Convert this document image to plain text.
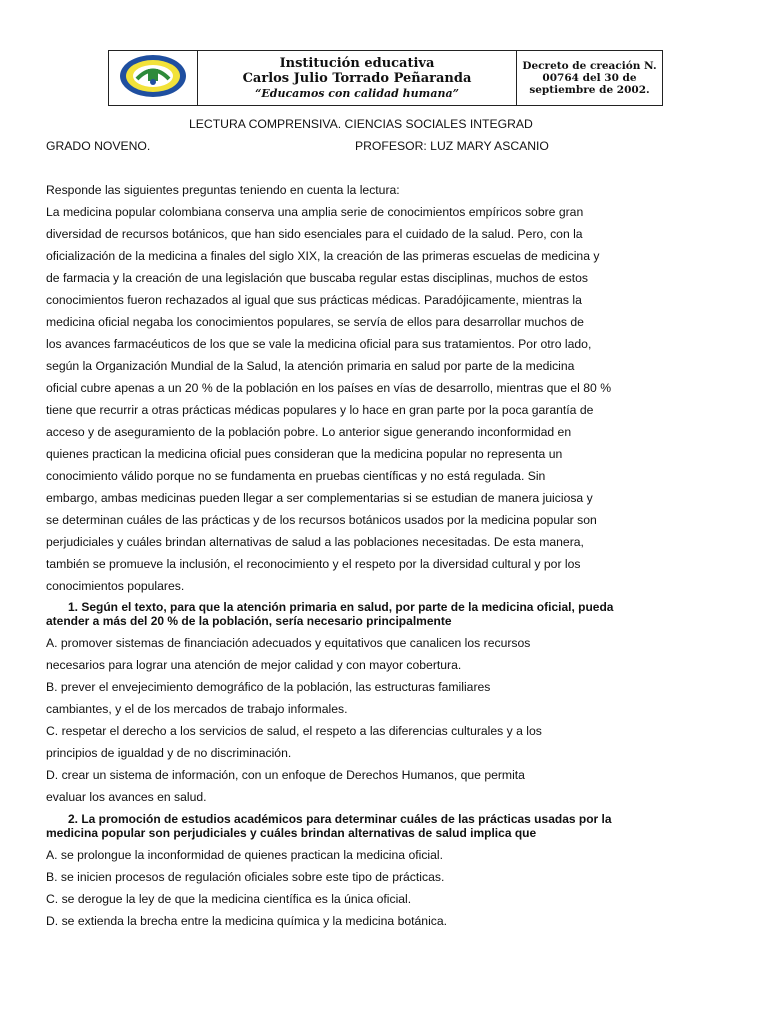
Institución educativa
Carlos Julio Torrado Peñaranda
“Educamos con calidad humana”

Decreto de creación N.
00764 del 30 de
septiembre de 2002.
LECTURA COMPRENSIVA. CIENCIAS SOCIALES INTEGRAD
GRADO NOVENO.	PROFESOR: LUZ MARY ASCANIO
Responde las siguientes preguntas teniendo en cuenta la lectura:
La medicina popular colombiana conserva una amplia serie de conocimientos empíricos sobre gran
diversidad de recursos botánicos, que han sido esenciales para el cuidado de la salud. Pero, con la
oficialización de la medicina a finales del siglo XIX, la creación de las primeras escuelas de medicina y
de farmacia y la creación de una legislación que buscaba regular estas disciplinas, muchos de estos
conocimientos fueron rechazados al igual que sus prácticas médicas. Paradójicamente, mientras la
medicina oficial negaba los conocimientos populares, se servía de ellos para desarrollar muchos de
los avances farmacéuticos de los que se vale la medicina oficial para sus tratamientos. Por otro lado,
según la Organización Mundial de la Salud, la atención primaria en salud por parte de la medicina
oficial cubre apenas a un 20 % de la población en los países en vías de desarrollo, mientras que el 80 %
tiene que recurrir a otras prácticas médicas populares y lo hace en gran parte por la poca garantía de
acceso y de aseguramiento de la población pobre. Lo anterior sigue generando inconformidad en
quienes practican la medicina oficial pues consideran que la medicina popular no representa un
conocimiento válido porque no se fundamenta en pruebas científicas y no está regulada. Sin
embargo, ambas medicinas pueden llegar a ser complementarias si se estudian de manera juiciosa y
se determinan cuáles de las prácticas y de los recursos botánicos usados por la medicina popular son
perjudiciales y cuáles brindan alternativas de salud a las poblaciones necesitadas. De esta manera,
también se promueve la inclusión, el reconocimiento y el respeto por la diversidad cultural y por los
conocimientos populares.
1. Según el texto, para que la atención primaria en salud, por parte de la medicina oficial, pueda
atender a más del 20 % de la población, sería necesario principalmente
A. promover sistemas de financiación adecuados y equitativos que canalicen los recursos
necesarios para lograr una atención de mejor calidad y con mayor cobertura.
B. prever el envejecimiento demográfico de la población, las estructuras familiares
cambiantes, y el de los mercados de trabajo informales.
C. respetar el derecho a los servicios de salud, el respeto a las diferencias culturales y a los
principios de igualdad y de no discriminación.
D. crear un sistema de información, con un enfoque de Derechos Humanos, que permita
evaluar los avances en salud.
2. La promoción de estudios académicos para determinar cuáles de las prácticas usadas por la
medicina popular son perjudiciales y cuáles brindan alternativas de salud implica que
A. se prolongue la inconformidad de quienes practican la medicina oficial.
B. se inicien procesos de regulación oficiales sobre este tipo de prácticas.
C. se derogue la ley de que la medicina científica es la única oficial.
D. se extienda la brecha entre la medicina química y la medicina botánica.
